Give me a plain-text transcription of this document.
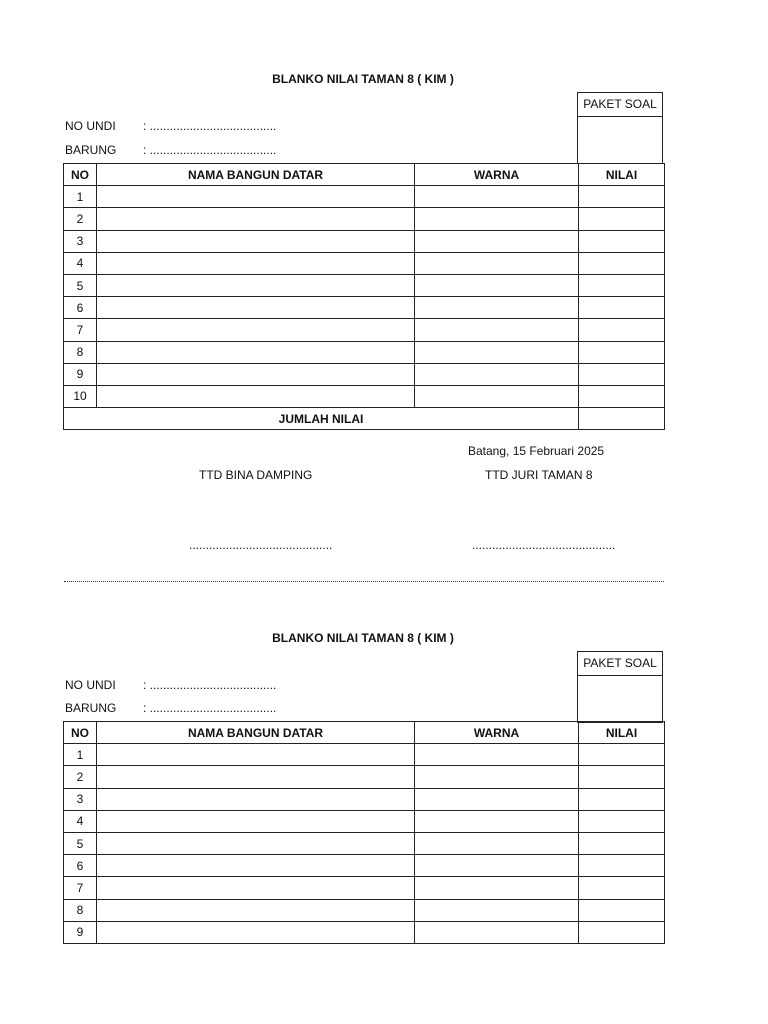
BLANKO NILAI TAMAN 8 ( KIM )
PAKET SOAL
NO UNDI : ......................................
BARUNG : ......................................
NO	NAMA BANGUN DATAR	WARNA	NILAI
1			
2			
3			
4			
5			
6			
7			
8			
9			
10			
JUMLAH NILAI			
Batang, 15 Februari 2025
TTD BINA DAMPING	TTD JURI TAMAN 8
...........................................	...........................................
BLANKO NILAI TAMAN 8 ( KIM )
PAKET SOAL
NO UNDI : ......................................
BARUNG : ......................................
NO	NAMA BANGUN DATAR	WARNA	NILAI
1			
2			
3			
4			
5			
6			
7			
8			
9			
